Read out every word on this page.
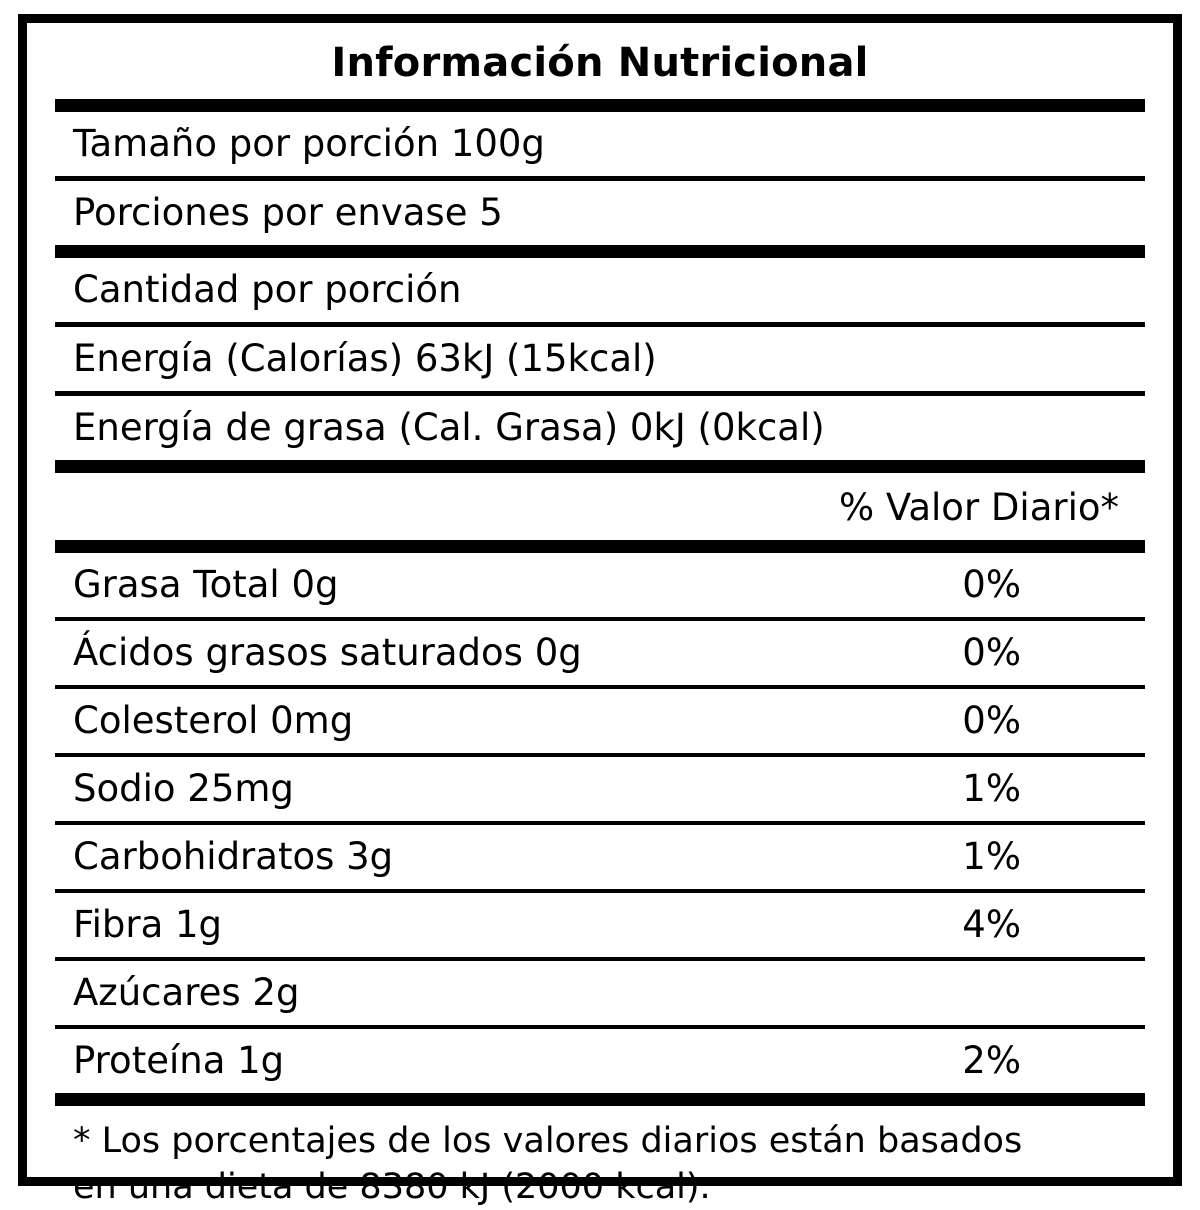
Información Nutricional
Tamaño por porción 100g
Porciones por envase 5
Cantidad por porción
Energía (Calorías) 63kJ (15kcal)
Energía de grasa (Cal. Grasa) 0kJ (0kcal)
% Valor Diario*
Grasa Total 0g	0%
Ácidos grasos saturados 0g	0%
Colesterol 0mg	0%
Sodio 25mg	1%
Carbohidratos 3g	1%
Fibra 1g	4%
Azúcares 2g
Proteína 1g	2%
* Los porcentajes de los valores diarios están basados
en una dieta de 8380 kJ (2000 kcal).
